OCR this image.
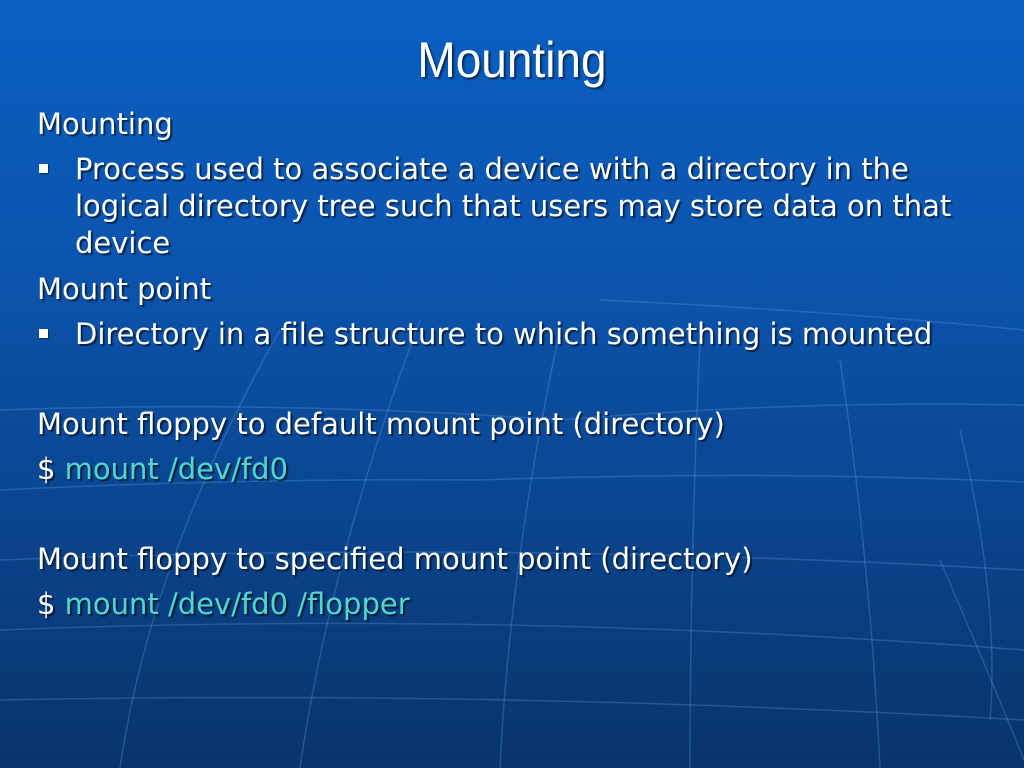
Mounting
Mounting
Process used to associate a device with a directory in the logical directory tree such that users may store data on that device
Mount point
Directory in a file structure to which something is mounted
Mount floppy to default mount point (directory)
$ mount /dev/fd0
Mount floppy to specified mount point (directory)
$ mount /dev/fd0 /flopper
